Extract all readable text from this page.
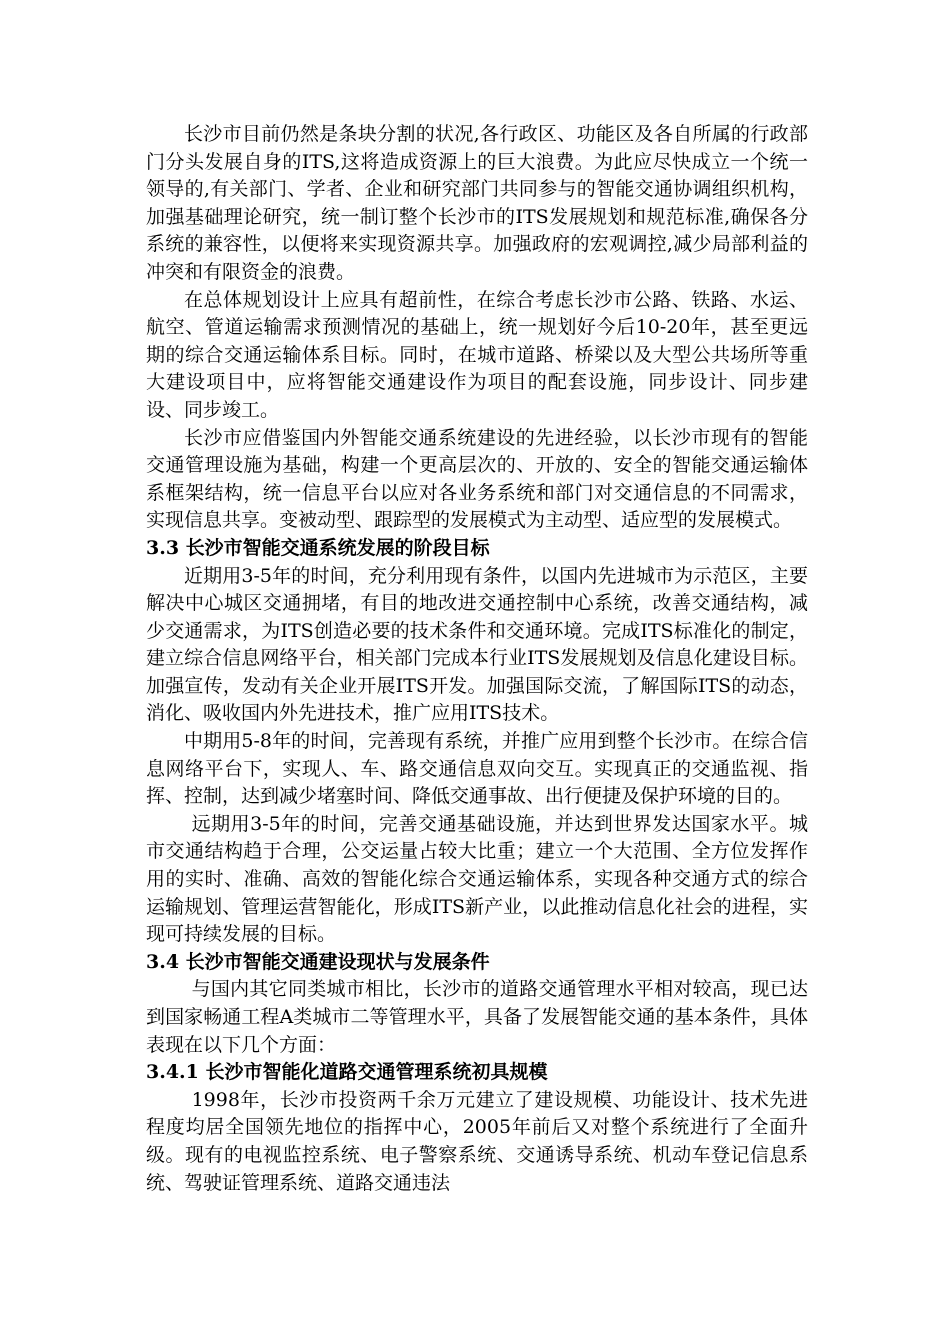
长沙市目前仍然是条块分割的状况,各行政区、功能区及各自所属的行政部门分头发展自身的ITS,这将造成资源上的巨大浪费。为此应尽快成立一个统一领导的,有关部门、学者、企业和研究部门共同参与的智能交通协调组织机构，加强基础理论研究，统一制订整个长沙市的ITS发展规划和规范标准,确保各分系统的兼容性，以便将来实现资源共享。加强政府的宏观调控,减少局部利益的冲突和有限资金的浪费。

在总体规划设计上应具有超前性，在综合考虑长沙市公路、铁路、水运、航空、管道运输需求预测情况的基础上，统一规划好今后10-20年，甚至更远期的综合交通运输体系目标。同时，在城市道路、桥梁以及大型公共场所等重大建设项目中，应将智能交通建设作为项目的配套设施，同步设计、同步建设、同步竣工。

长沙市应借鉴国内外智能交通系统建设的先进经验，以长沙市现有的智能交通管理设施为基础，构建一个更高层次的、开放的、安全的智能交通运输体系框架结构，统一信息平台以应对各业务系统和部门对交通信息的不同需求，实现信息共享。变被动型、跟踪型的发展模式为主动型、适应型的发展模式。

3.3 长沙市智能交通系统发展的阶段目标

近期用3-5年的时间，充分利用现有条件，以国内先进城市为示范区，主要解决中心城区交通拥堵，有目的地改进交通控制中心系统，改善交通结构，减少交通需求，为ITS创造必要的技术条件和交通环境。完成ITS标准化的制定，建立综合信息网络平台，相关部门完成本行业ITS发展规划及信息化建设目标。加强宣传，发动有关企业开展ITS开发。加强国际交流，了解国际ITS的动态，消化、吸收国内外先进技术，推广应用ITS技术。

中期用5-8年的时间，完善现有系统，并推广应用到整个长沙市。在综合信息网络平台下，实现人、车、路交通信息双向交互。实现真正的交通监视、指挥、控制，达到减少堵塞时间、降低交通事故、出行便捷及保护环境的目的。

远期用3-5年的时间，完善交通基础设施，并达到世界发达国家水平。城市交通结构趋于合理，公交运量占较大比重；建立一个大范围、全方位发挥作用的实时、准确、高效的智能化综合交通运输体系，实现各种交通方式的综合运输规划、管理运营智能化，形成ITS新产业，以此推动信息化社会的进程，实现可持续发展的目标。

3.4 长沙市智能交通建设现状与发展条件

与国内其它同类城市相比，长沙市的道路交通管理水平相对较高，现已达到国家畅通工程A类城市二等管理水平，具备了发展智能交通的基本条件，具体表现在以下几个方面：

3.4.1 长沙市智能化道路交通管理系统初具规模

1998年，长沙市投资两千余万元建立了建设规模、功能设计、技术先进程度均居全国领先地位的指挥中心，2005年前后又对整个系统进行了全面升级。现有的电视监控系统、电子警察系统、交通诱导系统、机动车登记信息系统、驾驶证管理系统、道路交通违法
